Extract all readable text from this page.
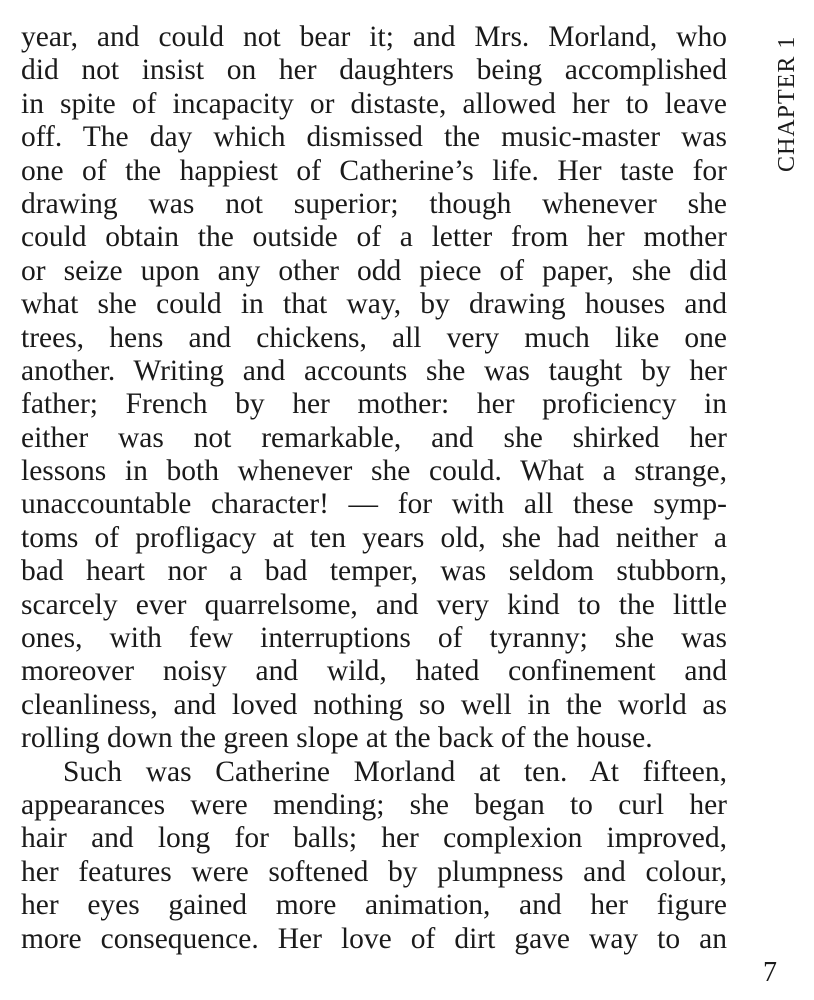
year, and could not bear it; and Mrs. Morland, who
did not insist on her daughters being accomplished
in spite of incapacity or distaste, allowed her to leave
off. The day which dismissed the music-master was
one of the happiest of Catherine’s life. Her taste for
drawing was not superior; though whenever she
could obtain the outside of a letter from her mother
or seize upon any other odd piece of paper, she did
what she could in that way, by drawing houses and
trees, hens and chickens, all very much like one
another. Writing and accounts she was taught by her
father; French by her mother: her proficiency in
either was not remarkable, and she shirked her
lessons in both whenever she could. What a strange,
unaccountable character! — for with all these symp-
toms of profligacy at ten years old, she had neither a
bad heart nor a bad temper, was seldom stubborn,
scarcely ever quarrelsome, and very kind to the little
ones, with few interruptions of tyranny; she was
moreover noisy and wild, hated confinement and
cleanliness, and loved nothing so well in the world as
rolling down the green slope at the back of the house.
Such was Catherine Morland at ten. At fifteen,
appearances were mending; she began to curl her
hair and long for balls; her complexion improved,
her features were softened by plumpness and colour,
her eyes gained more animation, and her figure
more consequence. Her love of dirt gave way to an
CHAPTER 1
7
